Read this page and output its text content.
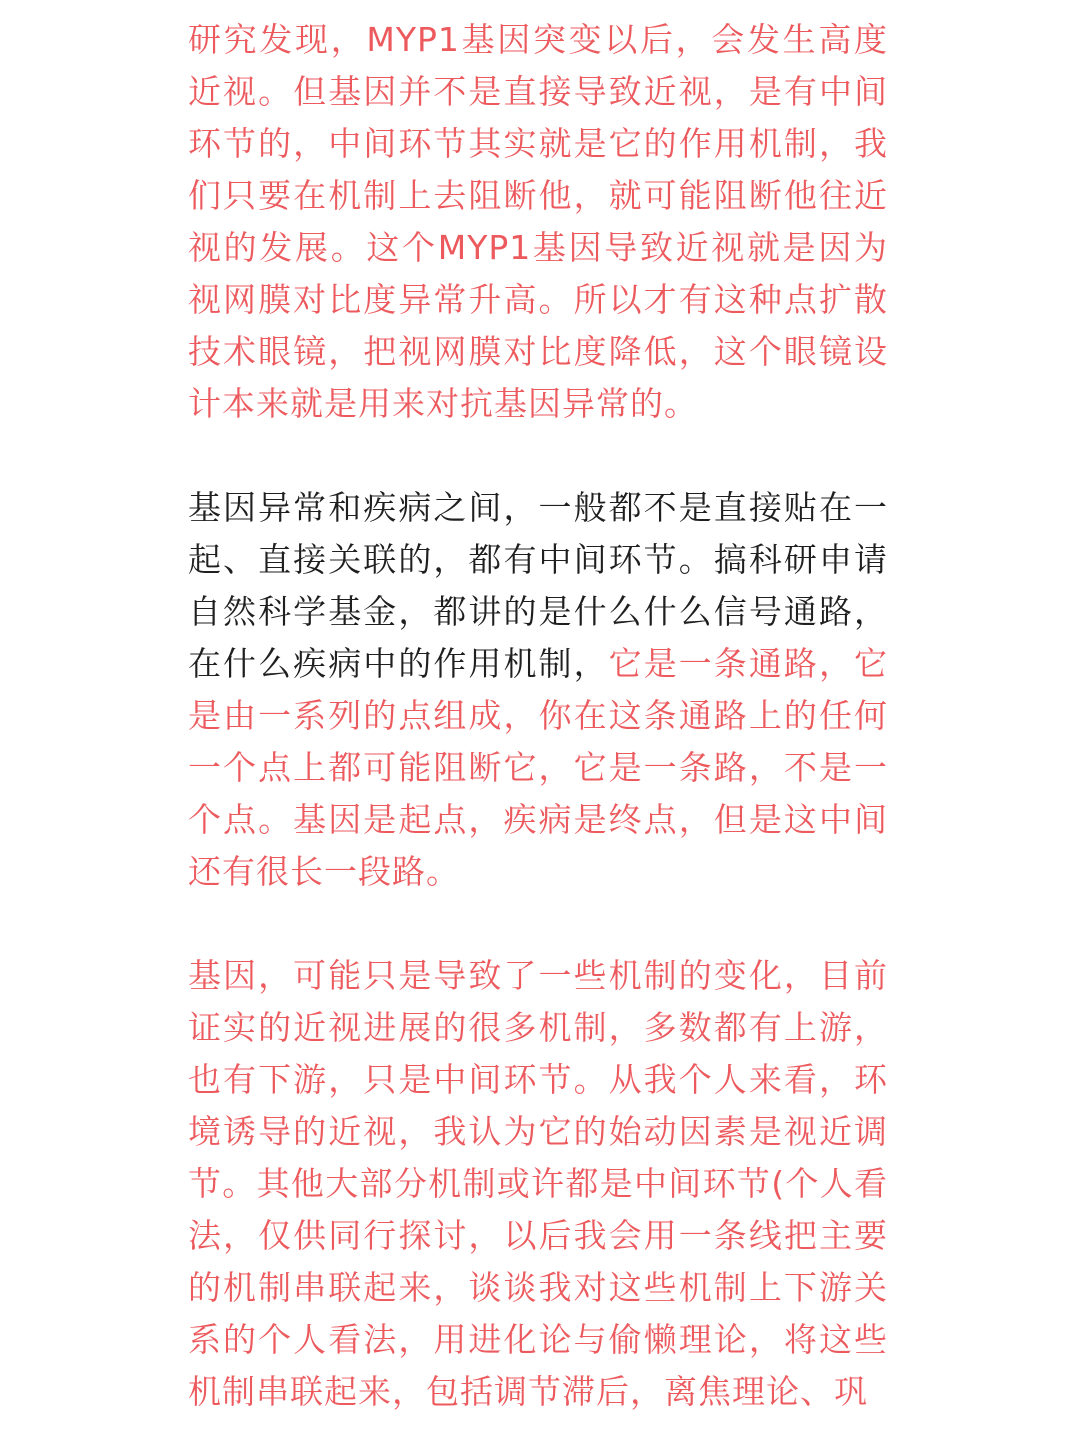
研究发现，MYP1基因突变以后，会发生高度近视。但基因并不是直接导致近视，是有中间环节的，中间环节其实就是它的作用机制，我们只要在机制上去阻断他，就可能阻断他往近视的发展。这个MYP1基因导致近视就是因为视网膜对比度异常升高。所以才有这种点扩散技术眼镜，把视网膜对比度降低，这个眼镜设计本来就是用来对抗基因异常的。

基因异常和疾病之间，一般都不是直接贴在一起、直接关联的，都有中间环节。搞科研申请自然科学基金，都讲的是什么什么信号通路，在什么疾病中的作用机制，它是一条通路，它是由一系列的点组成，你在这条通路上的任何一个点上都可能阻断它，它是一条路，不是一个点。基因是起点，疾病是终点，但是这中间还有很长一段路。

基因，可能只是导致了一些机制的变化，目前证实的近视进展的很多机制，多数都有上游，也有下游，只是中间环节。从我个人来看，环境诱导的近视，我认为它的始动因素是视近调节。其他大部分机制或许都是中间环节(个人看法，仅供同行探讨，以后我会用一条线把主要的机制串联起来，谈谈我对这些机制上下游关系的个人看法，用进化论与偷懒理论，将这些机制串联起来，包括调节滞后，离焦理论、巩
